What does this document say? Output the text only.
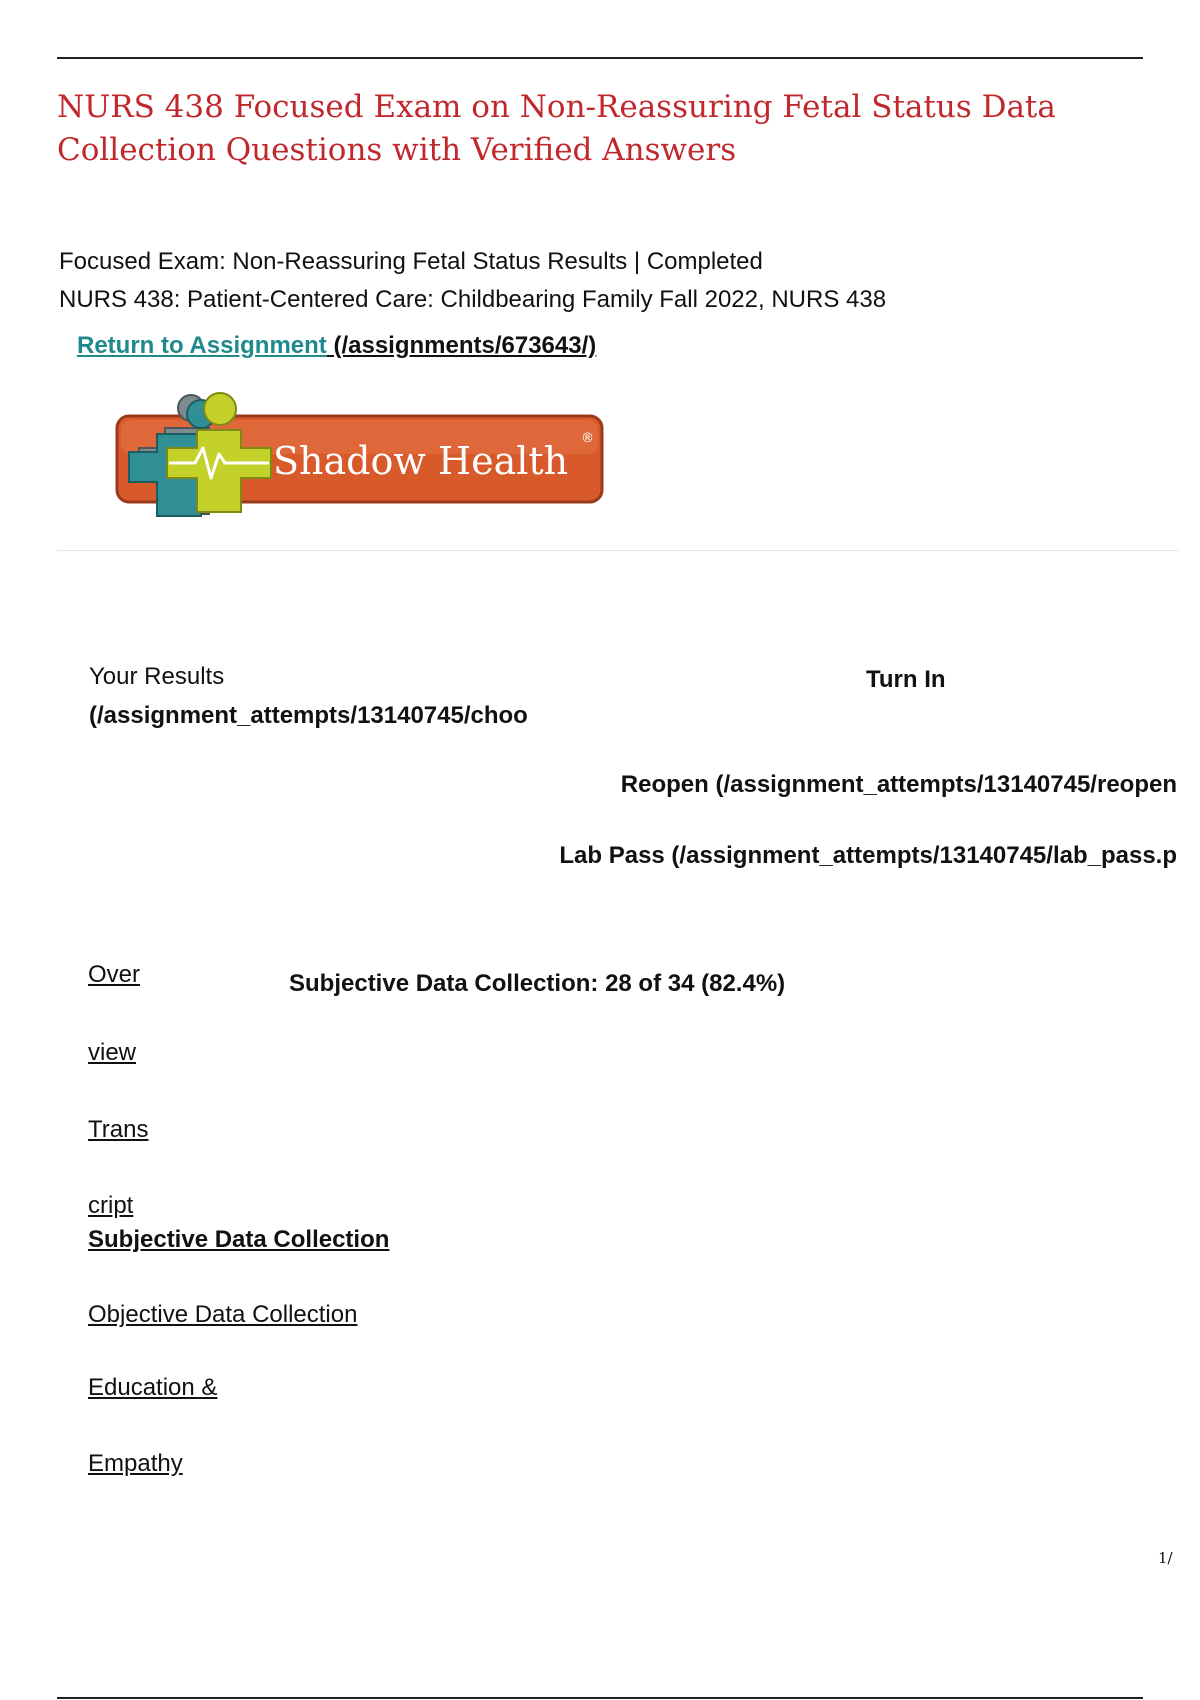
NURS 438 Focused Exam on Non-Reassuring Fetal Status Data Collection Questions with Verified Answers
Focused Exam: Non-Reassuring Fetal Status Results | Completed
NURS 438: Patient-Centered Care: Childbearing Family Fall 2022, NURS 438
Return to Assignment (/assignments/673643/)
Shadow Health
®
Your Results
(/assignment_attempts/13140745/choo
Turn In
Reopen (/assignment_attempts/13140745/reopen
Lab Pass (/assignment_attempts/13140745/lab_pass.p
Over
view
Trans
cript
Subjective Data Collection
Objective Data Collection
Education &
Empathy
Subjective Data Collection: 28 of 34 (82.4%)
1/
